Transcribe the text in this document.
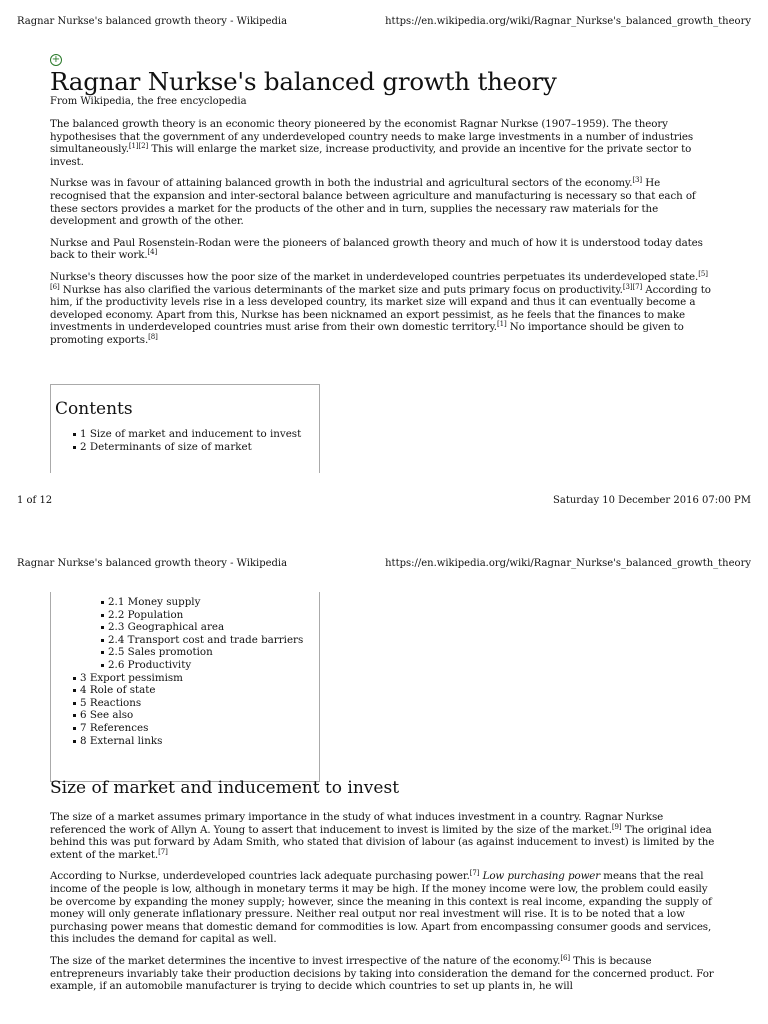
Ragnar Nurkse's balanced growth theory - Wikipedia	https://en.wikipedia.org/wiki/Ragnar_Nurkse's_balanced_growth_theory
+
Ragnar Nurkse's balanced growth theory
From Wikipedia, the free encyclopedia

The balanced growth theory is an economic theory pioneered by the economist Ragnar Nurkse (1907–1959). The theory hypothesises that the government of any underdeveloped country needs to make large investments in a number of industries simultaneously.[1][2] This will enlarge the market size, increase productivity, and provide an incentive for the private sector to invest.

Nurkse was in favour of attaining balanced growth in both the industrial and agricultural sectors of the economy.[3] He recognised that the expansion and inter-sectoral balance between agriculture and manufacturing is necessary so that each of these sectors provides a market for the products of the other and in turn, supplies the necessary raw materials for the development and growth of the other.

Nurkse and Paul Rosenstein-Rodan were the pioneers of balanced growth theory and much of how it is understood today dates back to their work.[4]

Nurkse's theory discusses how the poor size of the market in underdeveloped countries perpetuates its underdeveloped state.[5][6] Nurkse has also clarified the various determinants of the market size and puts primary focus on productivity.[3][7] According to him, if the productivity levels rise in a less developed country, its market size will expand and thus it can eventually become a developed economy. Apart from this, Nurkse has been nicknamed an export pessimist, as he feels that the finances to make investments in underdeveloped countries must arise from their own domestic territory.[1] No importance should be given to promoting exports.[8]

Contents
1 Size of market and inducement to invest
2 Determinants of size of market
1 of 12	Saturday 10 December 2016 07:00 PM
Ragnar Nurkse's balanced growth theory - Wikipedia	https://en.wikipedia.org/wiki/Ragnar_Nurkse's_balanced_growth_theory
2.1 Money supply
2.2 Population
2.3 Geographical area
2.4 Transport cost and trade barriers
2.5 Sales promotion
2.6 Productivity
3 Export pessimism
4 Role of state
5 Reactions
6 See also
7 References
8 External links
Size of market and inducement to invest

The size of a market assumes primary importance in the study of what induces investment in a country. Ragnar Nurkse referenced the work of Allyn A. Young to assert that inducement to invest is limited by the size of the market.[9] The original idea behind this was put forward by Adam Smith, who stated that division of labour (as against inducement to invest) is limited by the extent of the market.[7]

According to Nurkse, underdeveloped countries lack adequate purchasing power.[7] Low purchasing power means that the real income of the people is low, although in monetary terms it may be high. If the money income were low, the problem could easily be overcome by expanding the money supply; however, since the meaning in this context is real income, expanding the supply of money will only generate inflationary pressure. Neither real output nor real investment will rise. It is to be noted that a low purchasing power means that domestic demand for commodities is low. Apart from encompassing consumer goods and services, this includes the demand for capital as well.

The size of the market determines the incentive to invest irrespective of the nature of the economy.[6] This is because entrepreneurs invariably take their production decisions by taking into consideration the demand for the concerned product. For example, if an automobile manufacturer is trying to decide which countries to set up plants in, he will
